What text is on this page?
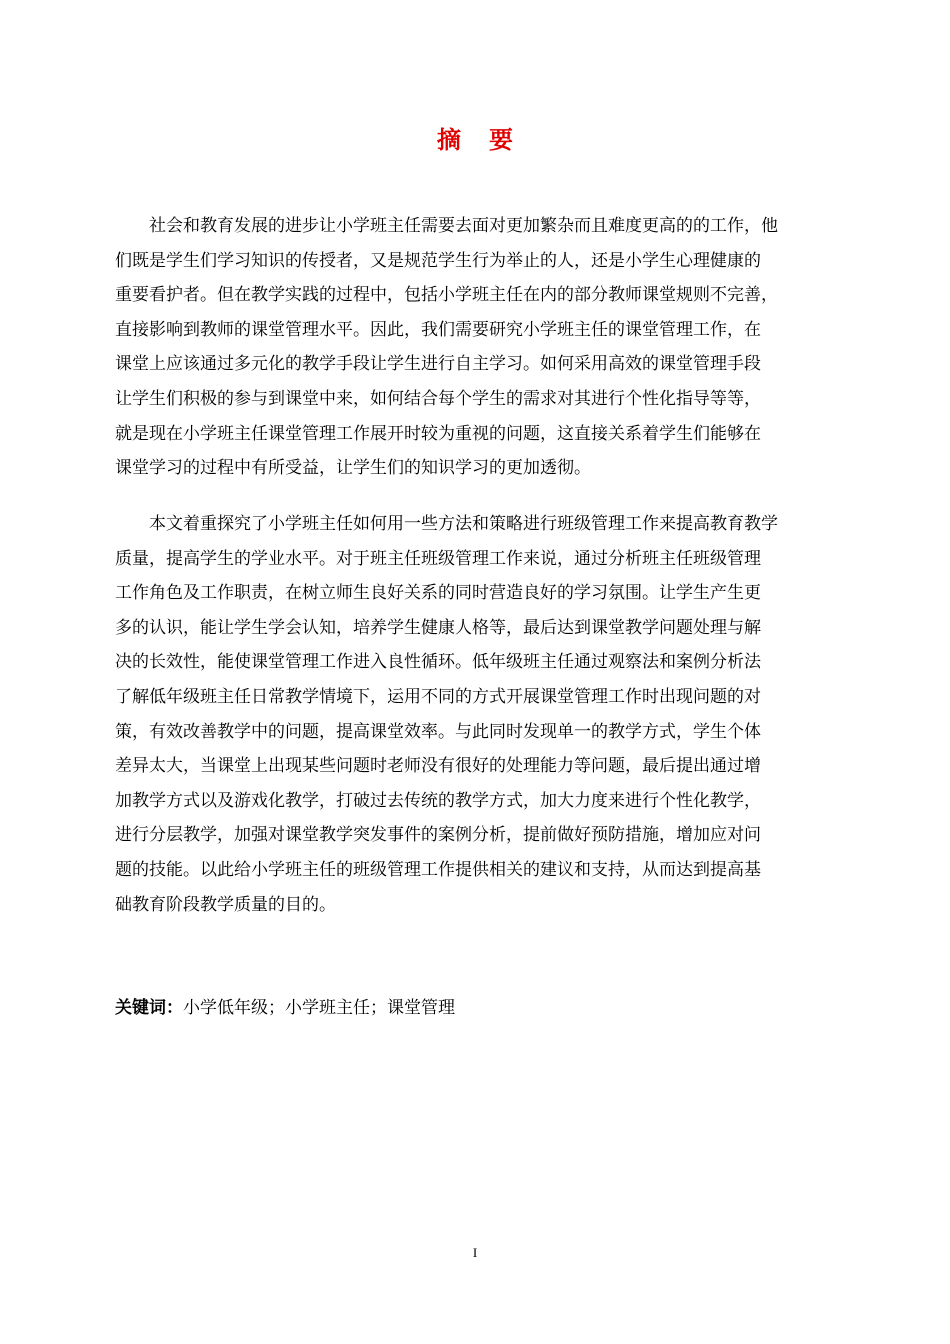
摘要
社会和教育发展的进步让小学班主任需要去面对更加繁杂而且难度更高的的工作，他
们既是学生们学习知识的传授者，又是规范学生行为举止的人，还是小学生心理健康的
重要看护者。但在教学实践的过程中，包括小学班主任在内的部分教师课堂规则不完善，
直接影响到教师的课堂管理水平。因此，我们需要研究小学班主任的课堂管理工作，在
课堂上应该通过多元化的教学手段让学生进行自主学习。如何采用高效的课堂管理手段
让学生们积极的参与到课堂中来，如何结合每个学生的需求对其进行个性化指导等等，
就是现在小学班主任课堂管理工作展开时较为重视的问题，这直接关系着学生们能够在
课堂学习的过程中有所受益，让学生们的知识学习的更加透彻。
本文着重探究了小学班主任如何用一些方法和策略进行班级管理工作来提高教育教学
质量，提高学生的学业水平。对于班主任班级管理工作来说，通过分析班主任班级管理
工作角色及工作职责，在树立师生良好关系的同时营造良好的学习氛围。让学生产生更
多的认识，能让学生学会认知，培养学生健康人格等，最后达到课堂教学问题处理与解
决的长效性，能使课堂管理工作进入良性循环。低年级班主任通过观察法和案例分析法
了解低年级班主任日常教学情境下，运用不同的方式开展课堂管理工作时出现问题的对
策，有效改善教学中的问题，提高课堂效率。与此同时发现单一的教学方式，学生个体
差异太大，当课堂上出现某些问题时老师没有很好的处理能力等问题，最后提出通过增
加教学方式以及游戏化教学，打破过去传统的教学方式，加大力度来进行个性化教学，
进行分层教学，加强对课堂教学突发事件的案例分析，提前做好预防措施，增加应对问
题的技能。以此给小学班主任的班级管理工作提供相关的建议和支持，从而达到提高基
础教育阶段教学质量的目的。
关键词：小学低年级；小学班主任；课堂管理
I
